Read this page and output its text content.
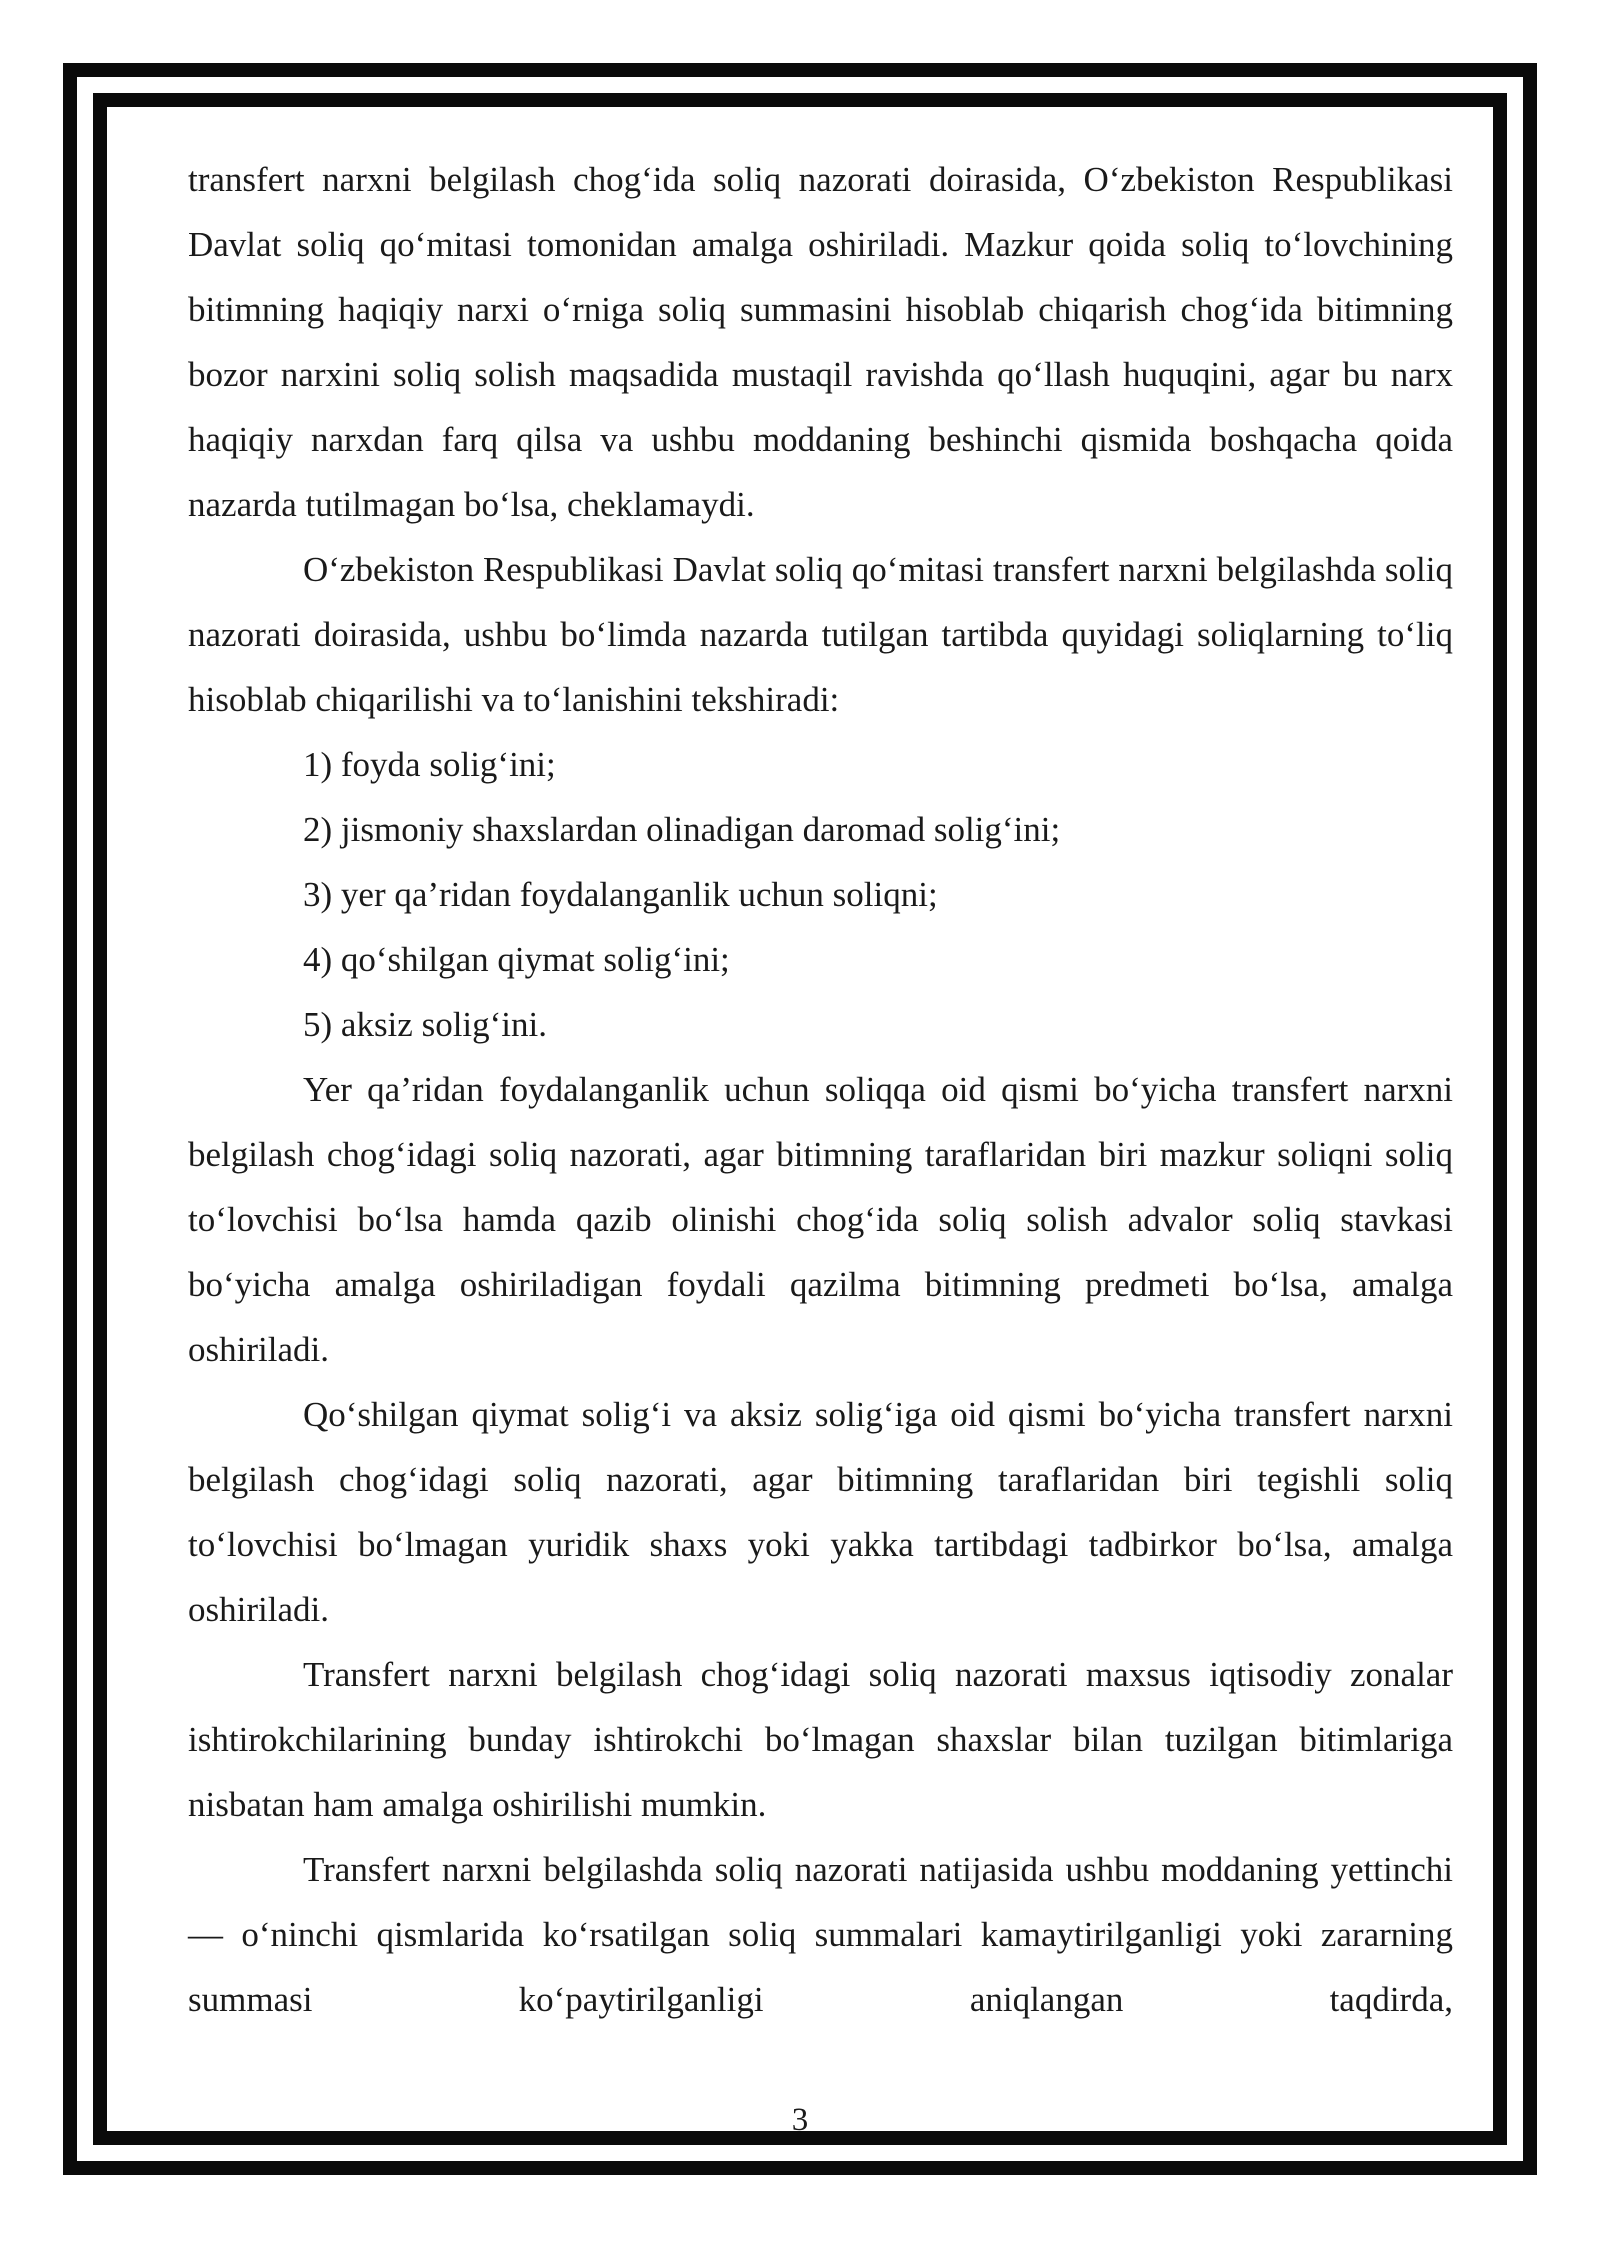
transfert narxni belgilash chog‘ida soliq nazorati doirasida, O‘zbekiston Respublikasi Davlat soliq qo‘mitasi tomonidan amalga oshiriladi. Mazkur qoida soliq to‘lovchining bitimning haqiqiy narxi o‘rniga soliq summasini hisoblab chiqarish chog‘ida bitimning bozor narxini soliq solish maqsadida mustaqil ravishda qo‘llash huquqini, agar bu narx haqiqiy narxdan farq qilsa va ushbu moddaning beshinchi qismida boshqacha qoida nazarda tutilmagan bo‘lsa, cheklamaydi.

O‘zbekiston Respublikasi Davlat soliq qo‘mitasi transfert narxni belgilashda soliq nazorati doirasida, ushbu bo‘limda nazarda tutilgan tartibda quyidagi soliqlarning to‘liq hisoblab chiqarilishi va to‘lanishini tekshiradi:

1) foyda solig‘ini;

2) jismoniy shaxslardan olinadigan daromad solig‘ini;

3) yer qa’ridan foydalanganlik uchun soliqni;

4) qo‘shilgan qiymat solig‘ini;

5) aksiz solig‘ini.

Yer qa’ridan foydalanganlik uchun soliqqa oid qismi bo‘yicha transfert narxni belgilash chog‘idagi soliq nazorati, agar bitimning taraflaridan biri mazkur soliqni soliq to‘lovchisi bo‘lsa hamda qazib olinishi chog‘ida soliq solish advalor soliq stavkasi bo‘yicha amalga oshiriladigan foydali qazilma bitimning predmeti bo‘lsa, amalga oshiriladi.

Qo‘shilgan qiymat solig‘i va aksiz solig‘iga oid qismi bo‘yicha transfert narxni belgilash chog‘idagi soliq nazorati, agar bitimning taraflaridan biri tegishli soliq to‘lovchisi bo‘lmagan yuridik shaxs yoki yakka tartibdagi tadbirkor bo‘lsa, amalga oshiriladi.

Transfert narxni belgilash chog‘idagi soliq nazorati maxsus iqtisodiy zonalar ishtirokchilarining bunday ishtirokchi bo‘lmagan shaxslar bilan tuzilgan bitimlariga nisbatan ham amalga oshirilishi mumkin.

Transfert narxni belgilashda soliq nazorati natijasida ushbu moddaning yettinchi — o‘ninchi qismlarida ko‘rsatilgan soliq summalari kamaytirilganligi yoki zararning summasi ko‘paytirilganligi aniqlangan taqdirda,

3
